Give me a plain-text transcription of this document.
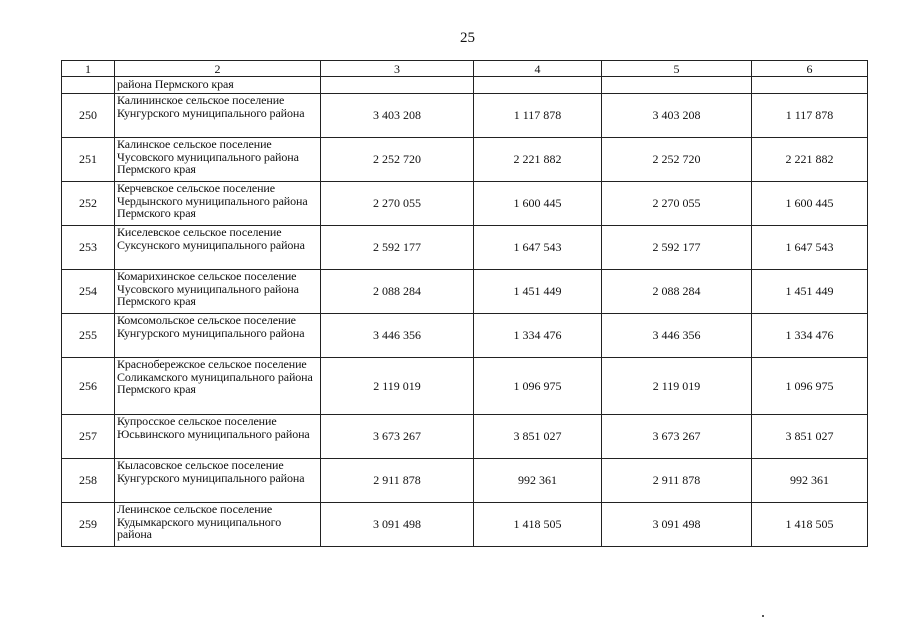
25
1	2	3	4	5	6
	района Пермского края				
250	Калининское сельское поселение Кунгурского муниципального района	3 403 208	1 117 878	3 403 208	1 117 878
251	Калинское сельское поселение Чусовского муниципального района Пермского края	2 252 720	2 221 882	2 252 720	2 221 882
252	Керчевское сельское поселение Чердынского муниципального района Пермского края	2 270 055	1 600 445	2 270 055	1 600 445
253	Киселевское сельское поселение Суксунского муниципального района	2 592 177	1 647 543	2 592 177	1 647 543
254	Комарихинское сельское поселение Чусовского муниципального района Пермского края	2 088 284	1 451 449	2 088 284	1 451 449
255	Комсомольское сельское поселение Кунгурского муниципального района	3 446 356	1 334 476	3 446 356	1 334 476
256	Краснобережское сельское поселение Соликамского муниципального района Пермского края	2 119 019	1 096 975	2 119 019	1 096 975
257	Купросское сельское поселение Юсьвинского муниципального района	3 673 267	3 851 027	3 673 267	3 851 027
258	Кыласовское сельское поселение Кунгурского муниципального района	2 911 878	992 361	2 911 878	992 361
259	Ленинское сельское поселение Кудымкарского муниципального района	3 091 498	1 418 505	3 091 498	1 418 505
